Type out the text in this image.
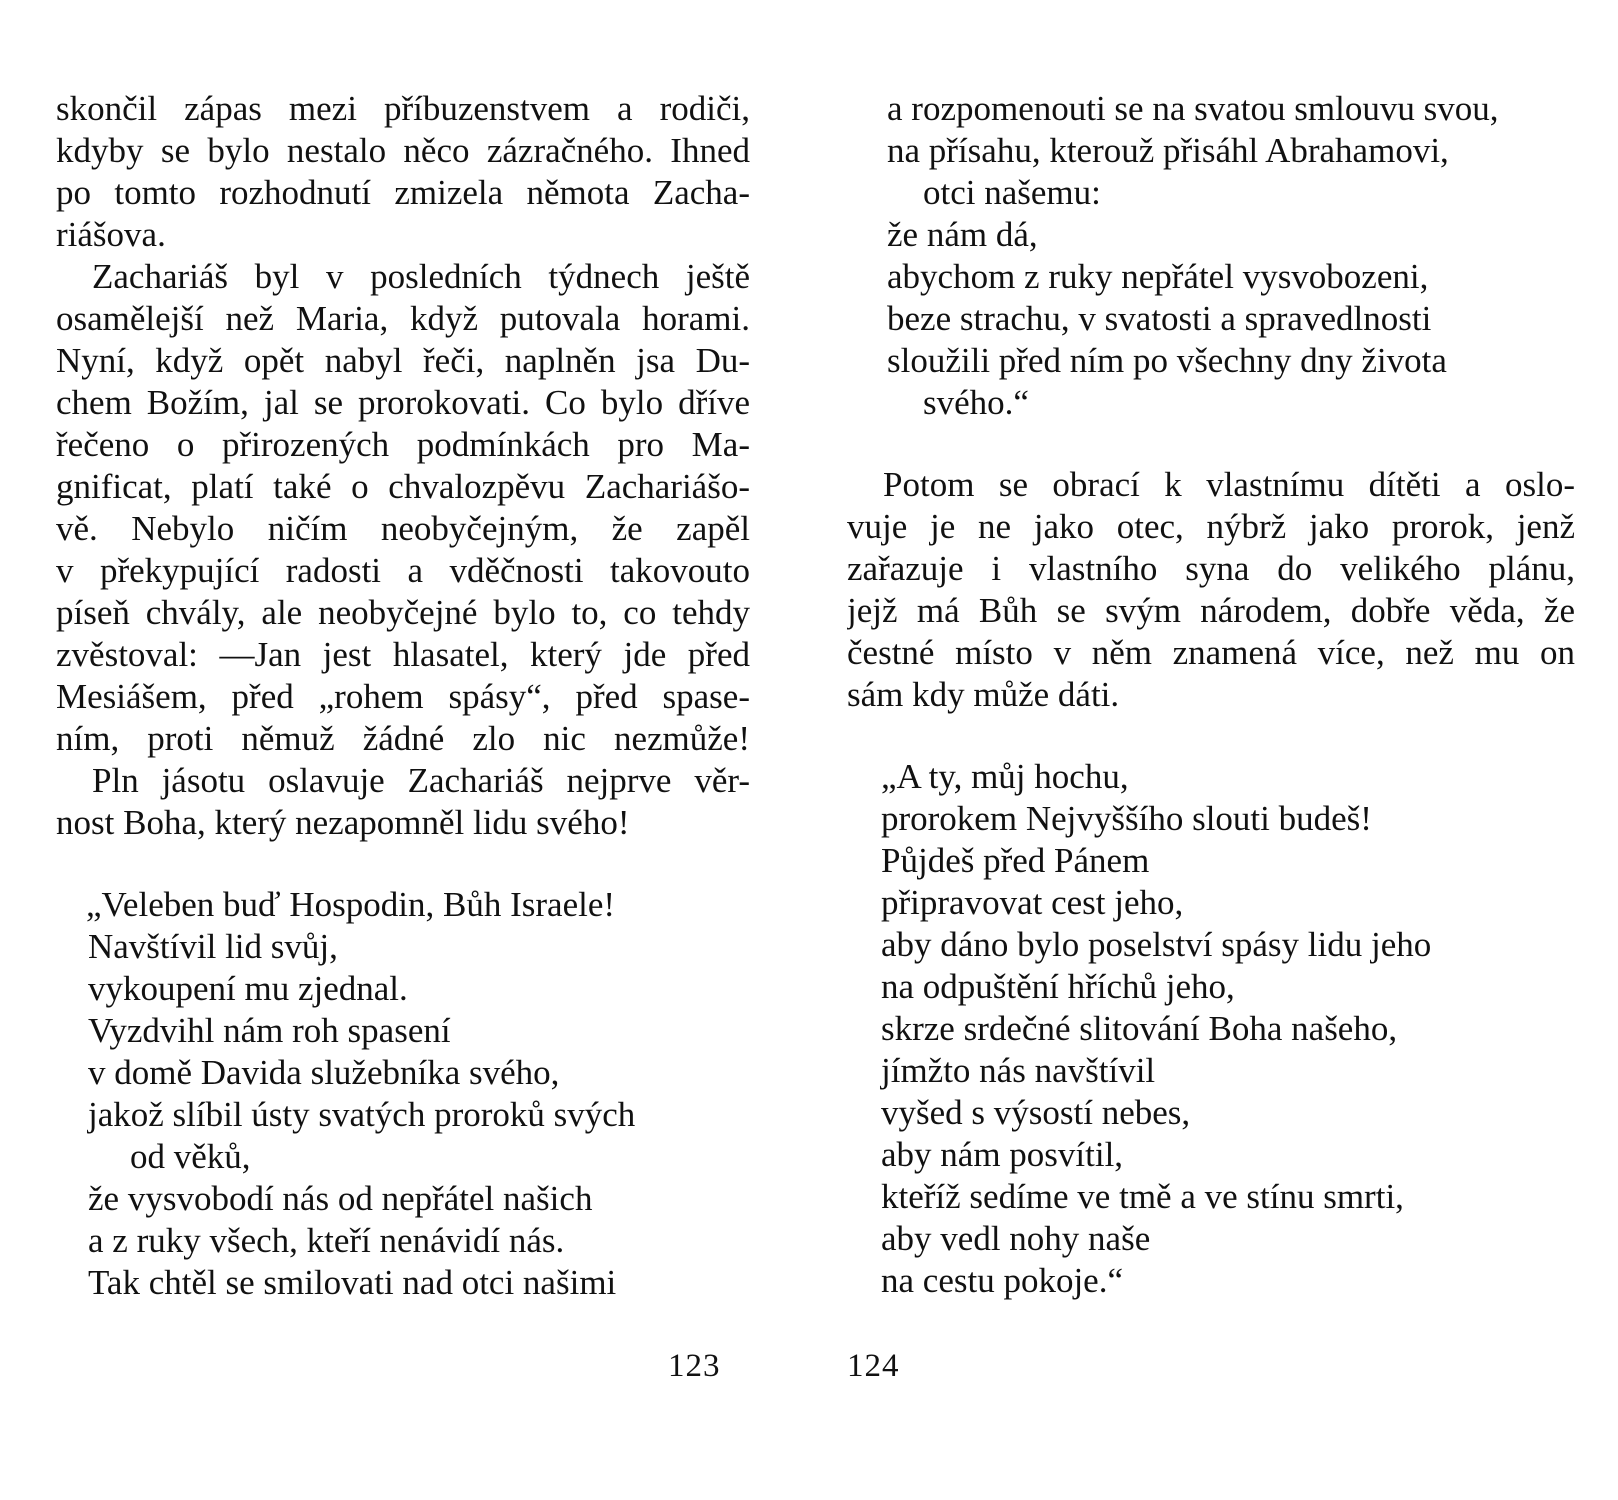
skončil zápas mezi příbuzenstvem a rodiči,
kdyby se bylo nestalo něco zázračného. Ihned
po tomto rozhodnutí zmizela němota Zacha-
riášova.
Zachariáš byl v posledních týdnech ještě
osamělejší než Maria, když putovala horami.
Nyní, když opět nabyl řeči, naplněn jsa Du-
chem Božím, jal se prorokovati. Co bylo dříve
řečeno o přirozených podmínkách pro Ma-
gnificat, platí také o chvalozpěvu Zachariášo-
vě. Nebylo ničím neobyčejným, že zapěl
v překypující radosti a vděčnosti takovouto
píseň chvály, ale neobyčejné bylo to, co tehdy
zvěstoval: —Jan jest hlasatel, který jde před
Mesiášem, před „rohem spásy“, před spase-
ním, proti němuž žádné zlo nic nezmůže!
Pln jásotu oslavuje Zachariáš nejprve věr-
nost Boha, který nezapomněl lidu svého!
„Veleben buď Hospodin, Bůh Israele!
Navštívil lid svůj,
vykoupení mu zjednal.
Vyzdvihl nám roh spasení
v domě Davida služebníka svého,
jakož slíbil ústy svatých proroků svých
od věků,
že vysvobodí nás od nepřátel našich
a z ruky všech, kteří nenávidí nás.
Tak chtěl se smilovati nad otci našimi
123
a rozpomenouti se na svatou smlouvu svou,
na přísahu, kterouž přisáhl Abrahamovi,
otci našemu:
že nám dá,
abychom z ruky nepřátel vysvobozeni,
beze strachu, v svatosti a spravedlnosti
sloužili před ním po všechny dny života
svého.“
Potom se obrací k vlastnímu dítěti a oslo-
vuje je ne jako otec, nýbrž jako prorok, jenž
zařazuje i vlastního syna do velikého plánu,
jejž má Bůh se svým národem, dobře věda, že
čestné místo v něm znamená více, než mu on
sám kdy může dáti.
„A ty, můj hochu,
prorokem Nejvyššího slouti budeš!
Půjdeš před Pánem
připravovat cest jeho,
aby dáno bylo poselství spásy lidu jeho
na odpuštění hříchů jeho,
skrze srdečné slitování Boha našeho,
jímžto nás navštívil
vyšed s výsostí nebes,
aby nám posvítil,
kteříž sedíme ve tmě a ve stínu smrti,
aby vedl nohy naše
na cestu pokoje.“
124
